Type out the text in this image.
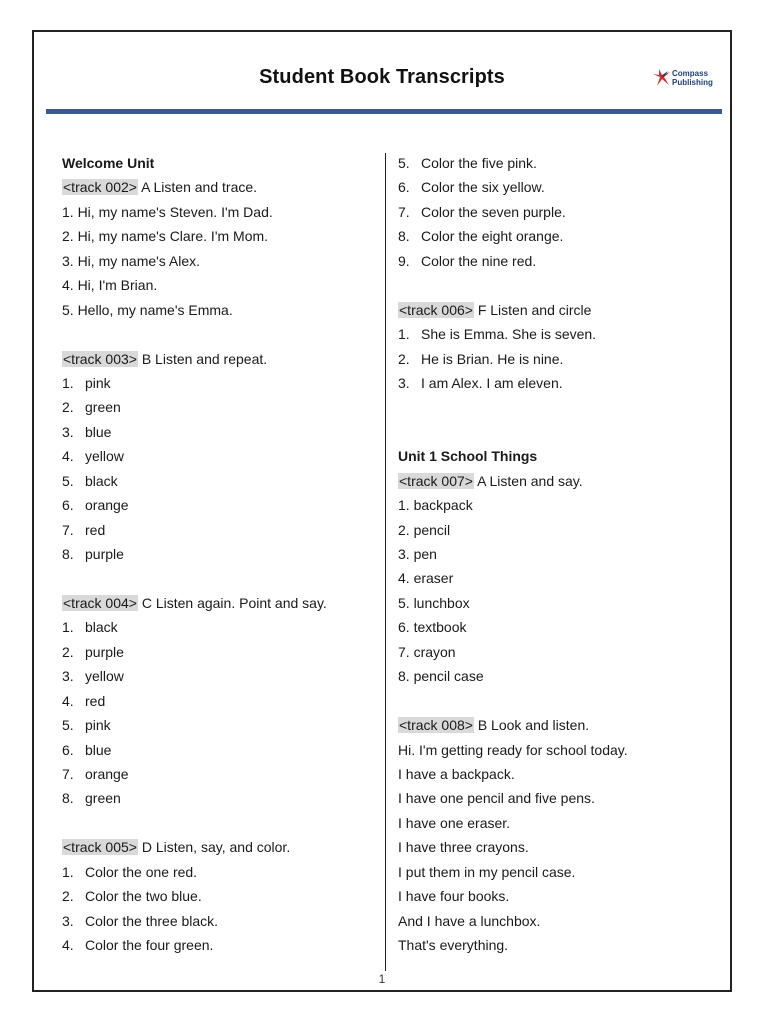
Student Book Transcripts	Compass
Publishing
Welcome Unit
<track 002> A Listen and trace.
1. Hi, my name's Steven. I'm Dad.
2. Hi, my name's Clare. I'm Mom.
3. Hi, my name's Alex.
4. Hi, I'm Brian.
5. Hello, my name's Emma.
<track 003> B Listen and repeat.
1. pink
2. green
3. blue
4. yellow
5. black
6. orange
7. red
8. purple
<track 004> C Listen again. Point and say.
1. black
2. purple
3. yellow
4. red
5. pink
6. blue
7. orange
8. green
<track 005> D Listen, say, and color.
1. Color the one red.
2. Color the two blue.
3. Color the three black.
4. Color the four green.
5. Color the five pink.
6. Color the six yellow.
7. Color the seven purple.
8. Color the eight orange.
9. Color the nine red.
<track 006> F Listen and circle
1. She is Emma. She is seven.
2. He is Brian. He is nine.
3. I am Alex. I am eleven.
Unit 1 School Things
<track 007> A Listen and say.
1. backpack
2. pencil
3. pen
4. eraser
5. lunchbox
6. textbook
7. crayon
8. pencil case
<track 008> B Look and listen.
Hi. I'm getting ready for school today.
I have a backpack.
I have one pencil and five pens.
I have one eraser.
I have three crayons.
I put them in my pencil case.
I have four books.
And I have a lunchbox.
That's everything.
1
